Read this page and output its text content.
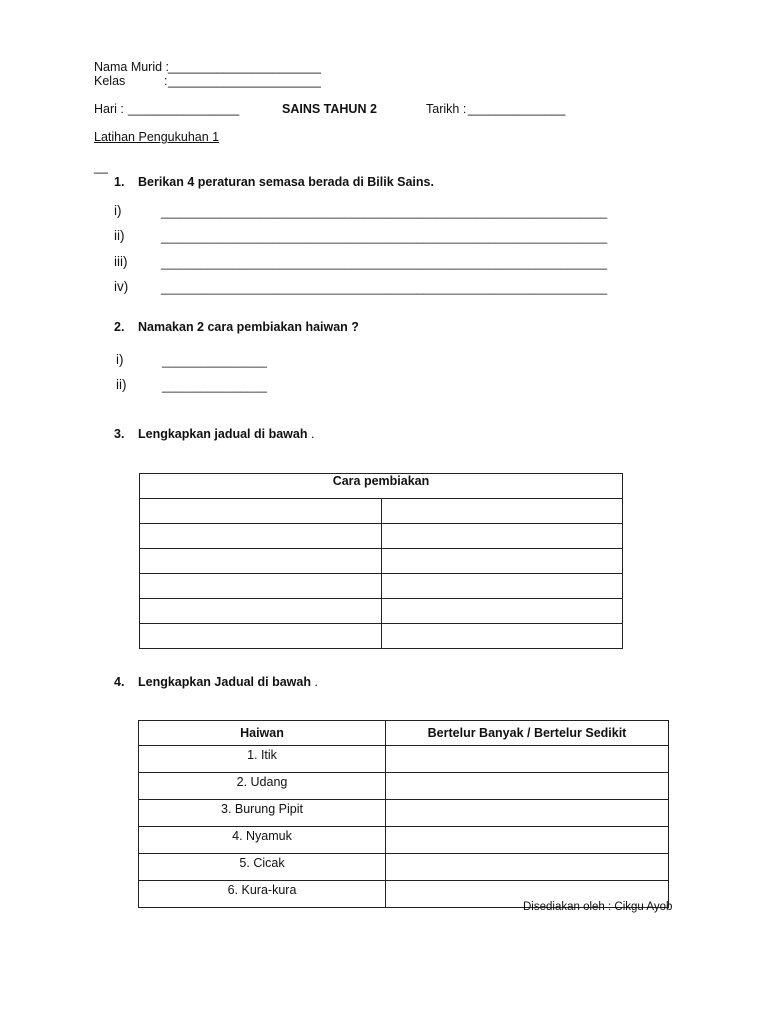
Nama Murid :
______________________
Kelas	: ______________________
Hari : ________________	SAINS TAHUN 2	Tarikh : ______________
Latihan Pengukuhan 1
__
1. Berikan 4 peraturan semasa berada di Bilik Sains.
i)	____________________________________________________________________
ii)	____________________________________________________________________
iii)	____________________________________________________________________
iv)	____________________________________________________________________
2. Namakan 2 cara pembiakan haiwan ?
i)	________________
ii)	________________
3. Lengkapkan jadual di bawah .
Cara pembiakan	

4. Lengkapkan Jadual di bawah .
Haiwan	Bertelur Banyak / Bertelur Sedikit
1. Itik	
2. Udang	
3. Burung Pipit	
4. Nyamuk	
5. Cicak	
6. Kura-kura	
Disediakan oleh : Cikgu Ayob
